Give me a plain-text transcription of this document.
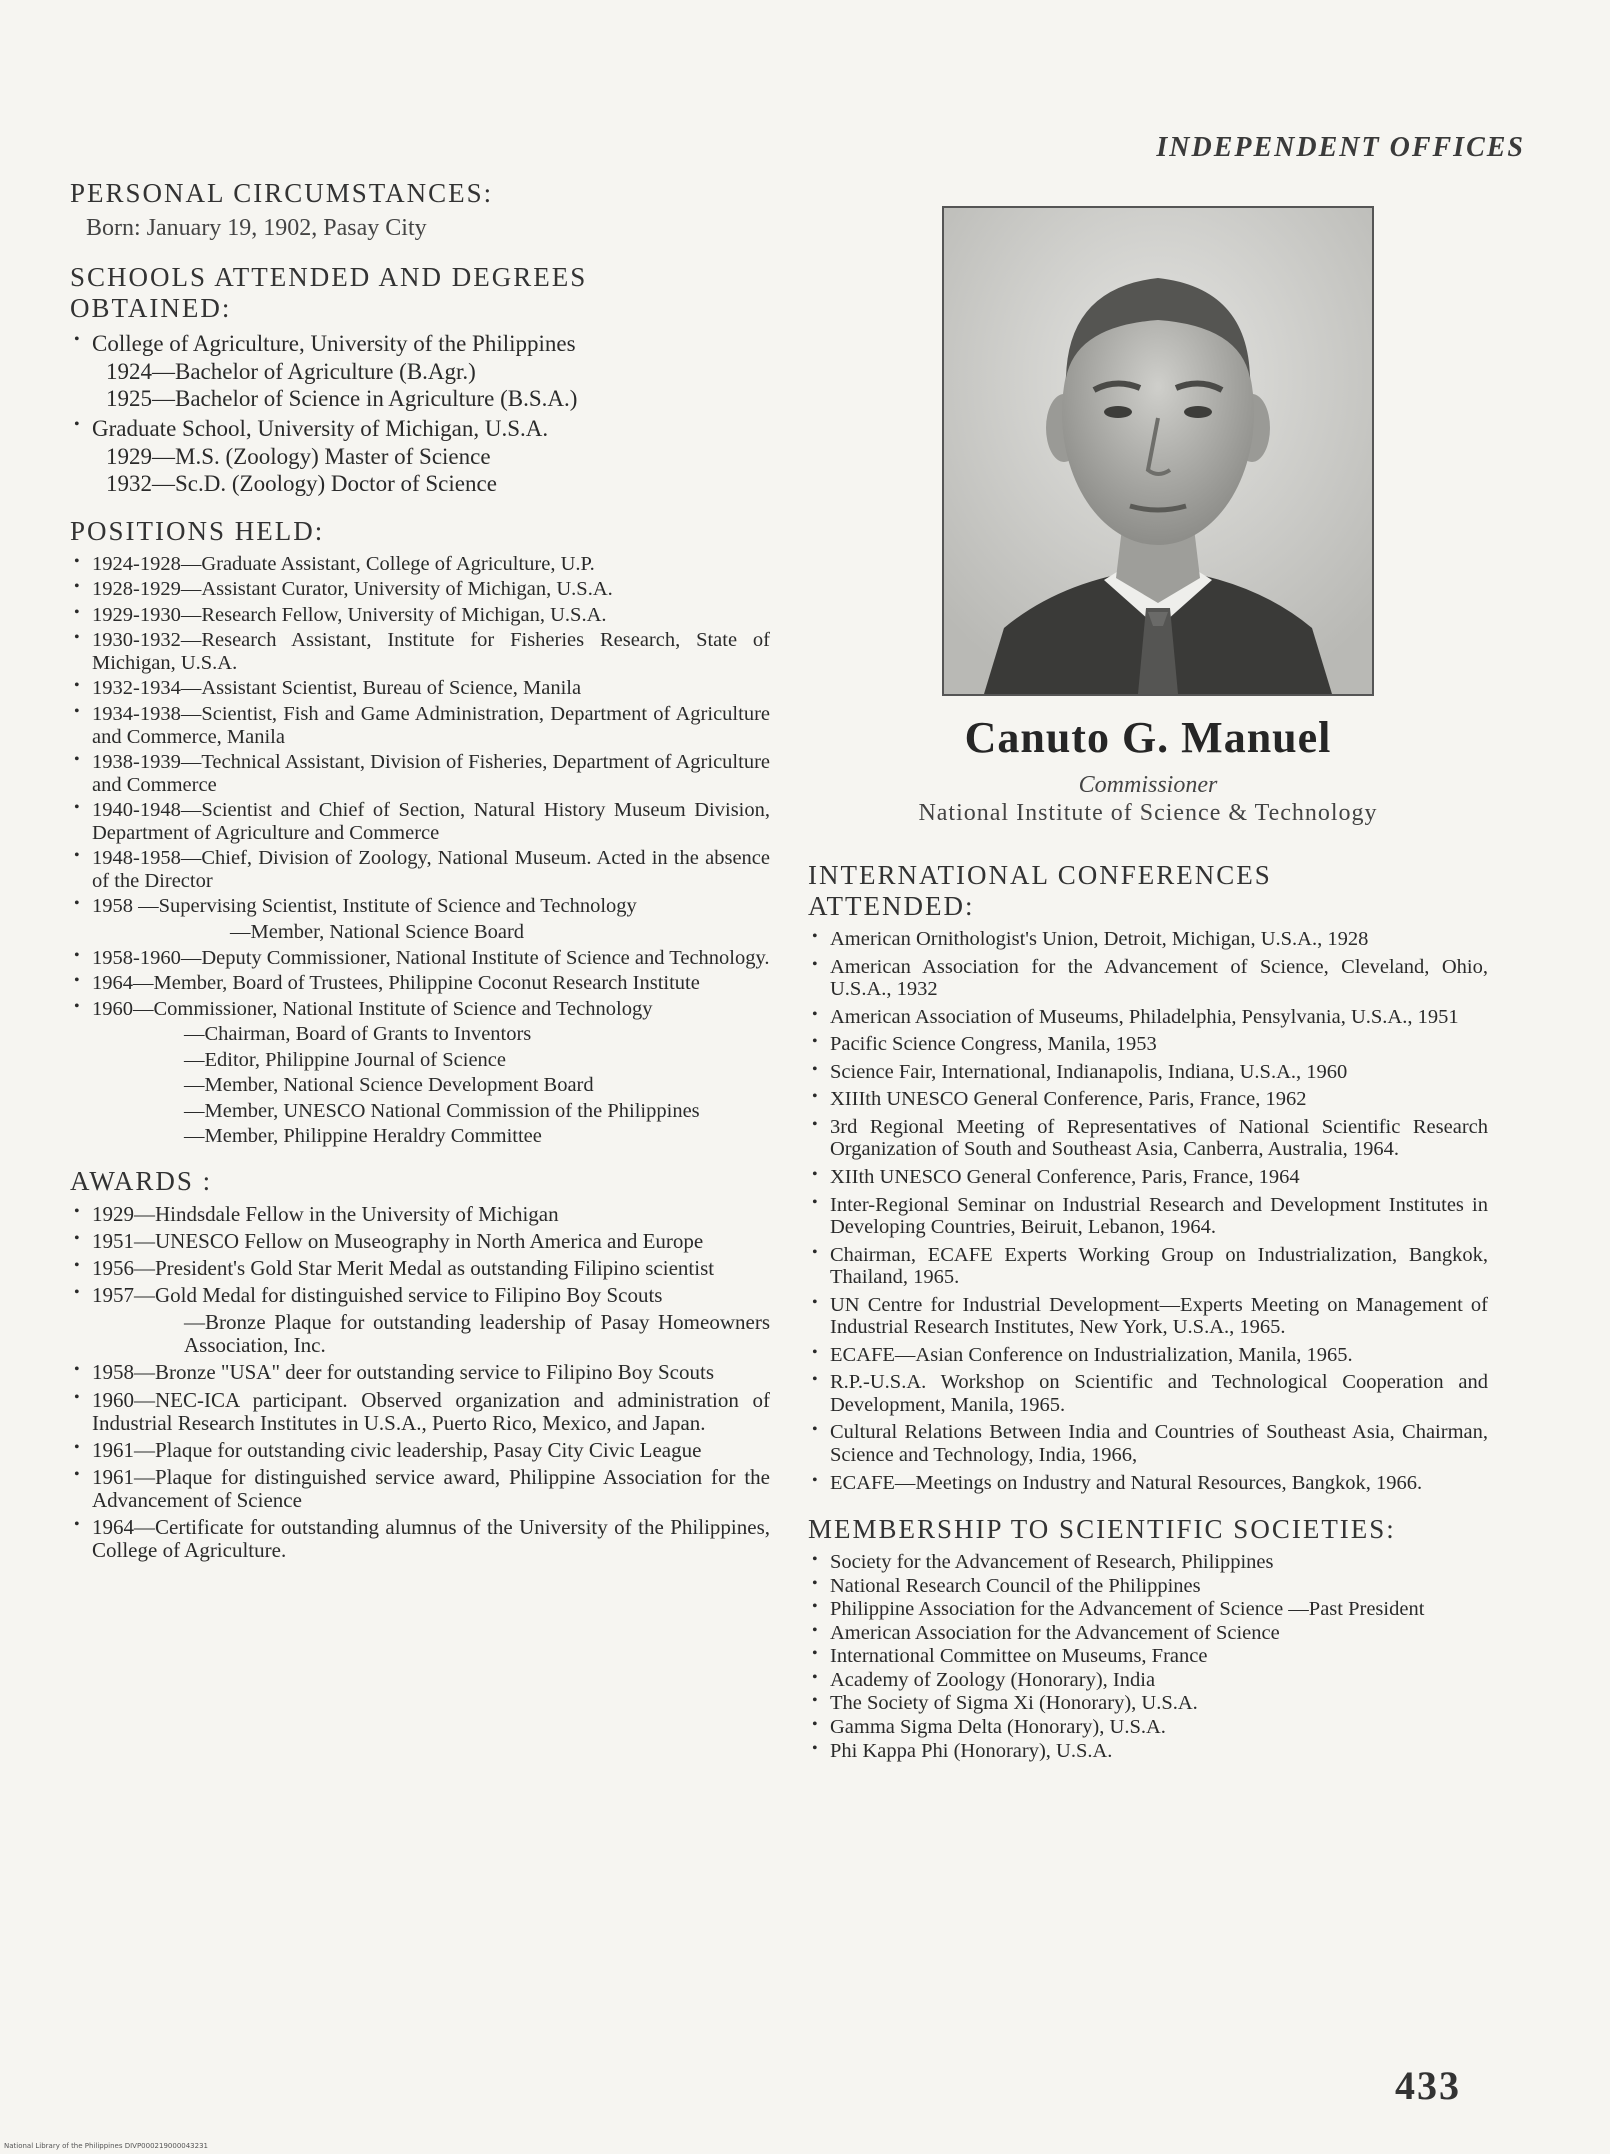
INDEPENDENT OFFICES
PERSONAL CIRCUMSTANCES:
Born: January 19, 1902, Pasay City
SCHOOLS ATTENDED AND DEGREES
OBTAINED:
• College of Agriculture, University of the Philippines
1924—Bachelor of Agriculture (B.Agr.)
1925—Bachelor of Science in Agriculture (B.S.A.)
• Graduate School, University of Michigan, U.S.A.
1929—M.S. (Zoology) Master of Science
1932—Sc.D. (Zoology) Doctor of Science
POSITIONS HELD:
• 1924-1928—Graduate Assistant, College of Agriculture, U.P.
• 1928-1929—Assistant Curator, University of Michigan, U.S.A.
• 1929-1930—Research Fellow, University of Michigan, U.S.A.
• 1930-1932—Research Assistant, Institute for Fisheries Research, State of Michigan, U.S.A.
• 1932-1934—Assistant Scientist, Bureau of Science, Manila
• 1934-1938—Scientist, Fish and Game Administration, Department of Agriculture and Commerce, Manila
• 1938-1939—Technical Assistant, Division of Fisheries, Department of Agriculture and Commerce
• 1940-1948—Scientist and Chief of Section, Natural History Museum Division, Department of Agriculture and Commerce
• 1948-1958—Chief, Division of Zoology, National Museum. Acted in the absence of the Director
• 1958 —Supervising Scientist, Institute of Science and Technology
—Member, National Science Board
• 1958-1960—Deputy Commissioner, National Institute of Science and Technology.
• 1964—Member, Board of Trustees, Philippine Coconut Research Institute
• 1960—Commissioner, National Institute of Science and Technology
—Chairman, Board of Grants to Inventors
—Editor, Philippine Journal of Science
—Member, National Science Development Board
—Member, UNESCO National Commission of the Philippines
—Member, Philippine Heraldry Committee
AWARDS :
• 1929—Hindsdale Fellow in the University of Michigan
• 1951—UNESCO Fellow on Museography in North America and Europe
• 1956—President's Gold Star Merit Medal as outstanding Filipino scientist
• 1957—Gold Medal for distinguished service to Filipino Boy Scouts
—Bronze Plaque for outstanding leadership of Pasay Homeowners Association, Inc.
• 1958—Bronze "USA" deer for outstanding service to Filipino Boy Scouts
• 1960—NEC-ICA participant. Observed organization and administration of Industrial Research Institutes in U.S.A., Puerto Rico, Mexico, and Japan.
• 1961—Plaque for outstanding civic leadership, Pasay City Civic League
• 1961—Plaque for distinguished service award, Philippine Association for the Advancement of Science
• 1964—Certificate for outstanding alumnus of the University of the Philippines, College of Agriculture.
Canuto G. Manuel
Commissioner
National Institute of Science & Technology
INTERNATIONAL CONFERENCES
ATTENDED:
• American Ornithologist's Union, Detroit, Michigan, U.S.A., 1928
• American Association for the Advancement of Science, Cleveland, Ohio, U.S.A., 1932
• American Association of Museums, Philadelphia, Pensylvania, U.S.A., 1951
• Pacific Science Congress, Manila, 1953
• Science Fair, International, Indianapolis, Indiana, U.S.A., 1960
• XIIIth UNESCO General Conference, Paris, France, 1962
• 3rd Regional Meeting of Representatives of National Scientific Research Organization of South and Southeast Asia, Canberra, Australia, 1964.
• XIIth UNESCO General Conference, Paris, France, 1964
• Inter-Regional Seminar on Industrial Research and Development Institutes in Developing Countries, Beiruit, Lebanon, 1964.
• Chairman, ECAFE Experts Working Group on Industrialization, Bangkok, Thailand, 1965.
• UN Centre for Industrial Development—Experts Meeting on Management of Industrial Research Institutes, New York, U.S.A., 1965.
• ECAFE—Asian Conference on Industrialization, Manila, 1965.
• R.P.-U.S.A. Workshop on Scientific and Technological Cooperation and Development, Manila, 1965.
• Cultural Relations Between India and Countries of Southeast Asia, Chairman, Science and Technology, India, 1966,
• ECAFE—Meetings on Industry and Natural Resources, Bangkok, 1966.
MEMBERSHIP TO SCIENTIFIC SOCIETIES:
• Society for the Advancement of Research, Philippines
• National Research Council of the Philippines
• Philippine Association for the Advancement of Science —Past President
• American Association for the Advancement of Science
• International Committee on Museums, France
• Academy of Zoology (Honorary), India
• The Society of Sigma Xi (Honorary), U.S.A.
• Gamma Sigma Delta (Honorary), U.S.A.
• Phi Kappa Phi (Honorary), U.S.A.
433
National Library of the Philippines DIVP000219000043231
